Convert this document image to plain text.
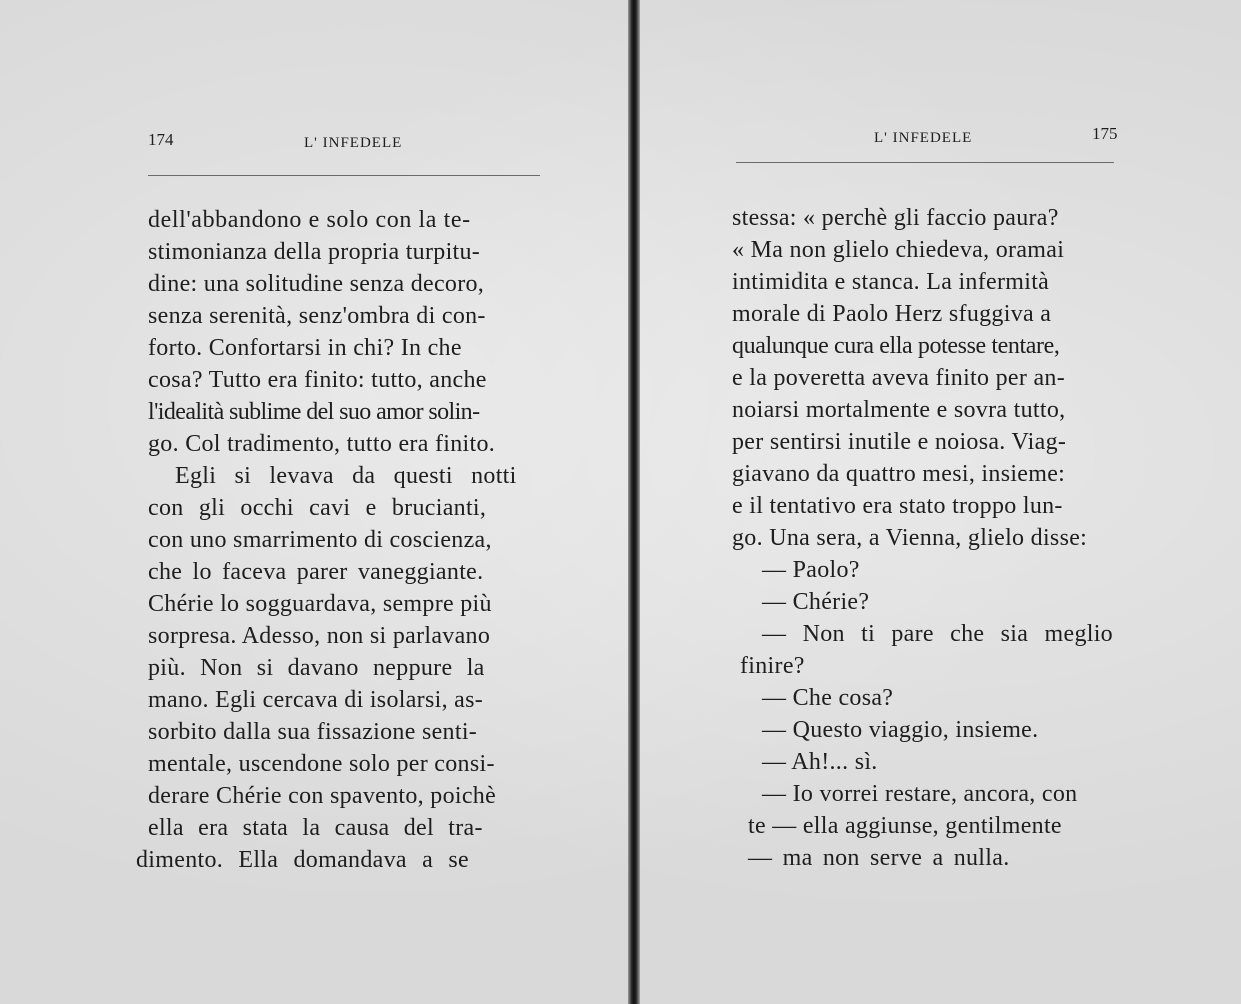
174	L' INFEDELE
dell'abbandono e solo con la te-
stimonianza della propria turpitu-
dine: una solitudine senza decoro,
senza serenità, senz'ombra di con-
forto. Confortarsi in chi? In che
cosa? Tutto era finito: tutto, anche
l'idealità sublime del suo amor solin-
go. Col tradimento, tutto era finito.
Egli si levava da questi notti
con gli occhi cavi e brucianti,
con uno smarrimento di coscienza,
che lo faceva parer vaneggiante.
Chérie lo sogguardava, sempre più
sorpresa. Adesso, non si parlavano
più. Non si davano neppure la
mano. Egli cercava di isolarsi, as-
sorbito dalla sua fissazione senti-
mentale, uscendone solo per consi-
derare Chérie con spavento, poichè
ella era stata la causa del tra-
dimento. Ella domandava a se
L' INFEDELE	175
stessa: « perchè gli faccio paura?
« Ma non glielo chiedeva, oramai
intimidita e stanca. La infermità
morale di Paolo Herz sfuggiva a
qualunque cura ella potesse tentare,
e la poveretta aveva finito per an-
noiarsi mortalmente e sovra tutto,
per sentirsi inutile e noiosa. Viag-
giavano da quattro mesi, insieme:
e il tentativo era stato troppo lun-
go. Una sera, a Vienna, glielo disse:
— Paolo?
— Chérie?
— Non ti pare che sia meglio
finire?
— Che cosa?
— Questo viaggio, insieme.
— Ah!... sì.
— Io vorrei restare, ancora, con
te — ella aggiunse, gentilmente
— ma non serve a nulla.
